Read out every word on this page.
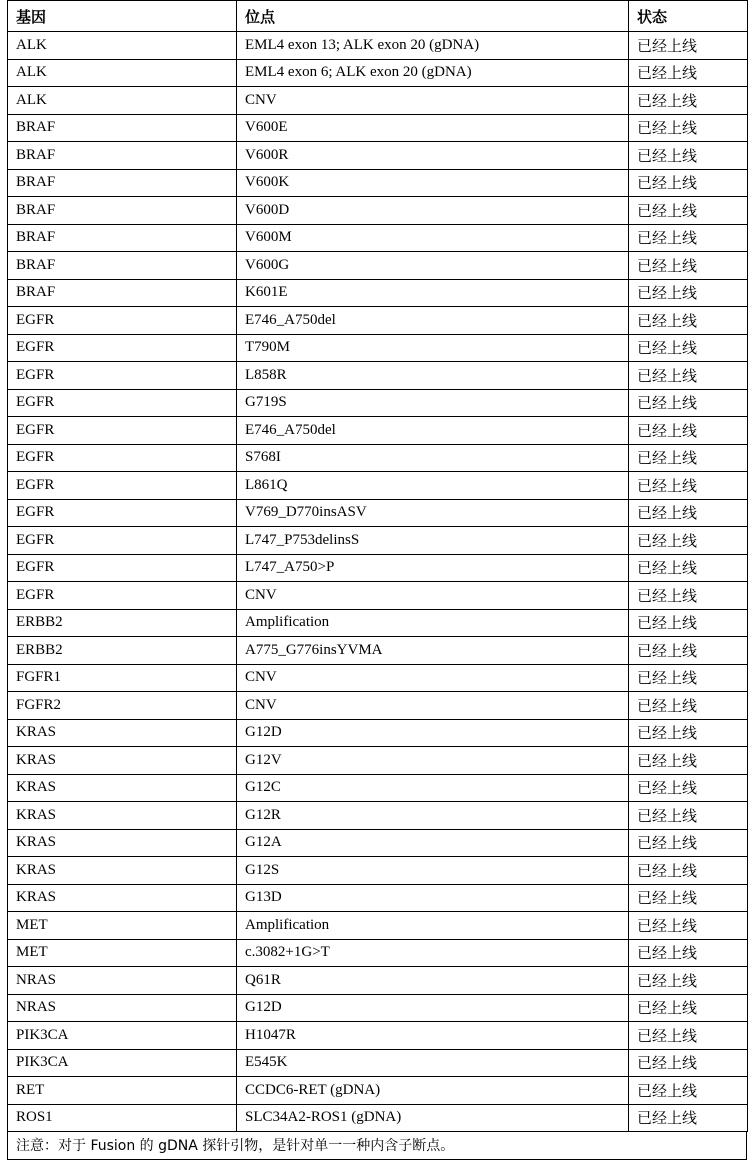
基因	位点	状态
ALK	EML4 exon 13; ALK exon 20 (gDNA)	已经上线
ALK	EML4 exon 6; ALK exon 20 (gDNA)	已经上线
ALK	CNV	已经上线
BRAF	V600E	已经上线
BRAF	V600R	已经上线
BRAF	V600K	已经上线
BRAF	V600D	已经上线
BRAF	V600M	已经上线
BRAF	V600G	已经上线
BRAF	K601E	已经上线
EGFR	E746_A750del	已经上线
EGFR	T790M	已经上线
EGFR	L858R	已经上线
EGFR	G719S	已经上线
EGFR	E746_A750del	已经上线
EGFR	S768I	已经上线
EGFR	L861Q	已经上线
EGFR	V769_D770insASV	已经上线
EGFR	L747_P753delinsS	已经上线
EGFR	L747_A750>P	已经上线
EGFR	CNV	已经上线
ERBB2	Amplification	已经上线
ERBB2	A775_G776insYVMA	已经上线
FGFR1	CNV	已经上线
FGFR2	CNV	已经上线
KRAS	G12D	已经上线
KRAS	G12V	已经上线
KRAS	G12C	已经上线
KRAS	G12R	已经上线
KRAS	G12A	已经上线
KRAS	G12S	已经上线
KRAS	G13D	已经上线
MET	Amplification	已经上线
MET	c.3082+1G>T	已经上线
NRAS	Q61R	已经上线
NRAS	G12D	已经上线
PIK3CA	H1047R	已经上线
PIK3CA	E545K	已经上线
RET	CCDC6-RET (gDNA)	已经上线
ROS1	SLC34A2-ROS1 (gDNA)	已经上线
注意：对于 Fusion 的 gDNA 探针引物，是针对单一一种内含子断点。
